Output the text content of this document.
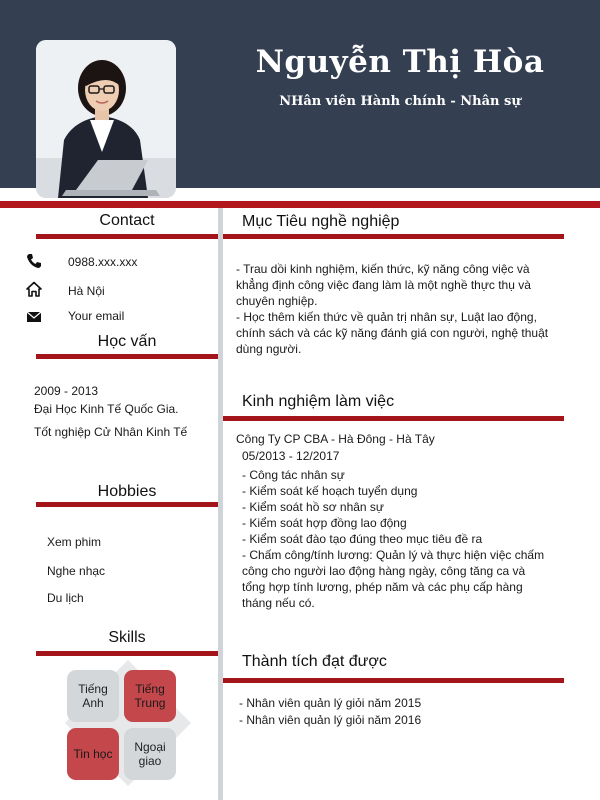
Nguyễn Thị Hòa
NHân viên Hành chính - Nhân sự
Contact
0988.xxx.xxx
Hà Nội
Your email
Học vấn
2009 - 2013
Đại Học Kinh Tế Quốc Gia.
Tốt nghiệp Cử Nhân Kinh Tế
Hobbies
Xem phim
Nghe nhạc
Du lịch
Skills
Tiếng Anh
Tiếng Trung
Tin học	Ngoại giao
Mục Tiêu nghề nghiệp
- Trau dồi kinh nghiệm, kiến thức, kỹ năng công việc và
khẳng định công việc đang làm là một nghề thực thụ và
chuyên nghiệp.
- Học thêm kiến thức về quản trị nhân sự, Luật lao động,
chính sách và các kỹ năng đánh giá con người, nghệ thuật
dùng người.
Kinh nghiệm làm việc
Công Ty CP CBA - Hà Đông - Hà Tây
05/2013 - 12/2017
- Công tác nhân sự
- Kiểm soát kế hoạch tuyển dụng
- Kiểm soát hồ sơ nhân sự
- Kiểm soát hợp đồng lao động
- Kiểm soát đào tạo đúng theo mục tiêu đề ra
- Chấm công/tính lương: Quản lý và thực hiện việc chấm
công cho người lao động hàng ngày, công tăng ca và
tổng hợp tính lương, phép năm và các phụ cấp hàng
tháng nếu có.
Thành tích đạt được
- Nhân viên quản lý giỏi năm 2015
- Nhân viên quản lý giỏi năm 2016
